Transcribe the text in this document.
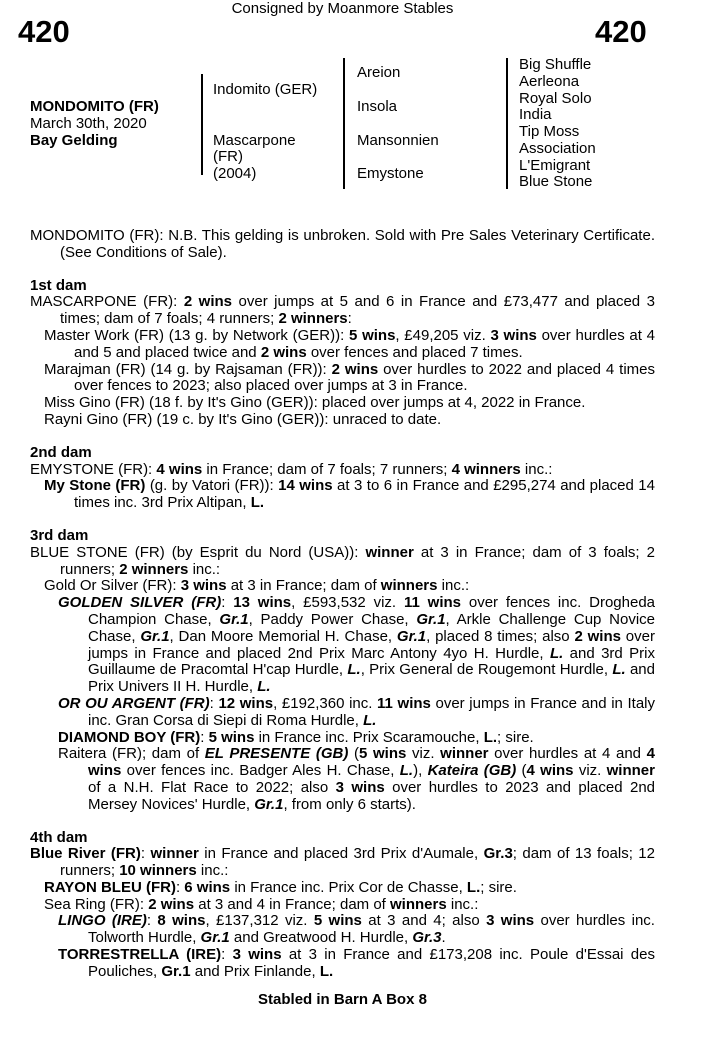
Consigned by Moanmore Stables
420	420
MONDOMITO (FR)
March 30th, 2020
Bay Gelding
Indomito (GER)
Mascarpone
(FR)
(2004)
Areion
Insola
Mansonnien
Emystone
Big Shuffle
Aerleona
Royal Solo
India
Tip Moss
Association
L'Emigrant
Blue Stone

MONDOMITO (FR): N.B. This gelding is unbroken. Sold with Pre Sales Veterinary Certificate. (See Conditions of Sale).

1st dam

MASCARPONE (FR): 2 wins over jumps at 5 and 6 in France and £73,477 and placed 3 times; dam of 7 foals; 4 runners; 2 winners:

Master Work (FR) (13 g. by Network (GER)): 5 wins, £49,205 viz. 3 wins over hurdles at 4 and 5 and placed twice and 2 wins over fences and placed 7 times.

Marajman (FR) (14 g. by Rajsaman (FR)): 2 wins over hurdles to 2022 and placed 4 times over fences to 2023; also placed over jumps at 3 in France.

Miss Gino (FR) (18 f. by It's Gino (GER)): placed over jumps at 4, 2022 in France.

Rayni Gino (FR) (19 c. by It's Gino (GER)): unraced to date.

2nd dam

EMYSTONE (FR): 4 wins in France; dam of 7 foals; 7 runners; 4 winners inc.:

My Stone (FR) (g. by Vatori (FR)): 14 wins at 3 to 6 in France and £295,274 and placed 14 times inc. 3rd Prix Altipan, L.

3rd dam

BLUE STONE (FR) (by Esprit du Nord (USA)): winner at 3 in France; dam of 3 foals; 2 runners; 2 winners inc.:

Gold Or Silver (FR): 3 wins at 3 in France; dam of winners inc.:

GOLDEN SILVER (FR): 13 wins, £593,532 viz. 11 wins over fences inc. Drogheda Champion Chase, Gr.1, Paddy Power Chase, Gr.1, Arkle Challenge Cup Novice Chase, Gr.1, Dan Moore Memorial H. Chase, Gr.1, placed 8 times; also 2 wins over jumps in France and placed 2nd Prix Marc Antony 4yo H. Hurdle, L. and 3rd Prix Guillaume de Pracomtal H'cap Hurdle, L., Prix General de Rougemont Hurdle, L. and Prix Univers II H. Hurdle, L.

OR OU ARGENT (FR): 12 wins, £192,360 inc. 11 wins over jumps in France and in Italy inc. Gran Corsa di Siepi di Roma Hurdle, L.

DIAMOND BOY (FR): 5 wins in France inc. Prix Scaramouche, L.; sire.

Raitera (FR); dam of EL PRESENTE (GB) (5 wins viz. winner over hurdles at 4 and 4 wins over fences inc. Badger Ales H. Chase, L.), Kateira (GB) (4 wins viz. winner of a N.H. Flat Race to 2022; also 3 wins over hurdles to 2023 and placed 2nd Mersey Novices' Hurdle, Gr.1, from only 6 starts).

4th dam

Blue River (FR): winner in France and placed 3rd Prix d'Aumale, Gr.3; dam of 13 foals; 12 runners; 10 winners inc.:

RAYON BLEU (FR): 6 wins in France inc. Prix Cor de Chasse, L.; sire.

Sea Ring (FR): 2 wins at 3 and 4 in France; dam of winners inc.:

LINGO (IRE): 8 wins, £137,312 viz. 5 wins at 3 and 4; also 3 wins over hurdles inc. Tolworth Hurdle, Gr.1 and Greatwood H. Hurdle, Gr.3.

TORRESTRELLA (IRE): 3 wins at 3 in France and £173,208 inc. Poule d'Essai des Pouliches, Gr.1 and Prix Finlande, L.

Stabled in Barn A Box 8
